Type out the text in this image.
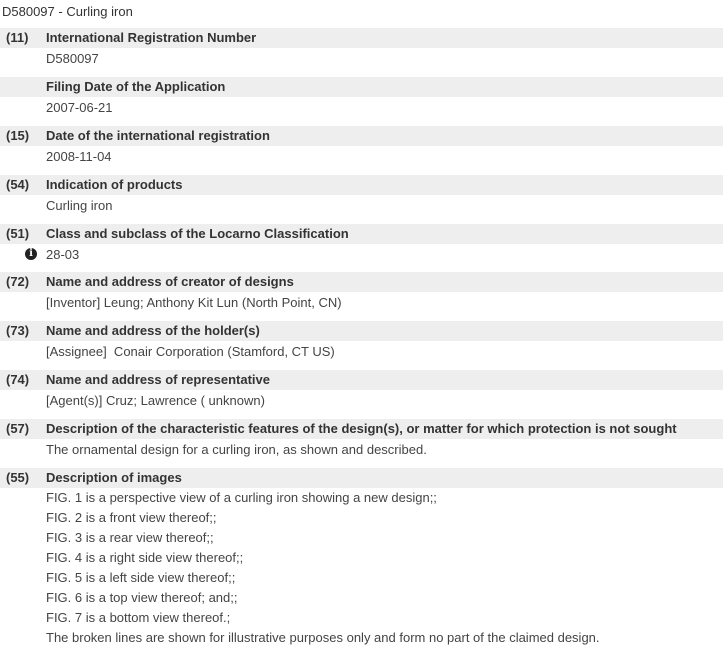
D580097 - Curling iron
(11) International Registration Number
D580097
Filing Date of the Application
2007-06-21
(15) Date of the international registration
2008-11-04
(54) Indication of products
Curling iron
(51) Class and subclass of the Locarno Classification
i	28-03
(72) Name and address of creator of designs
[Inventor] Leung; Anthony Kit Lun (North Point, CN)
(73) Name and address of the holder(s)
[Assignee]  Conair Corporation (Stamford, CT US)
(74) Name and address of representative
[Agent(s)] Cruz; Lawrence ( unknown)
(57) Description of the characteristic features of the design(s), or matter for which protection is not sought
The ornamental design for a curling iron, as shown and described.
(55) Description of images
FIG. 1 is a perspective view of a curling iron showing a new design;;
FIG. 2 is a front view thereof;;
FIG. 3 is a rear view thereof;;
FIG. 4 is a right side view thereof;;
FIG. 5 is a left side view thereof;;
FIG. 6 is a top view thereof; and;;
FIG. 7 is a bottom view thereof.;
The broken lines are shown for illustrative purposes only and form no part of the claimed design.
